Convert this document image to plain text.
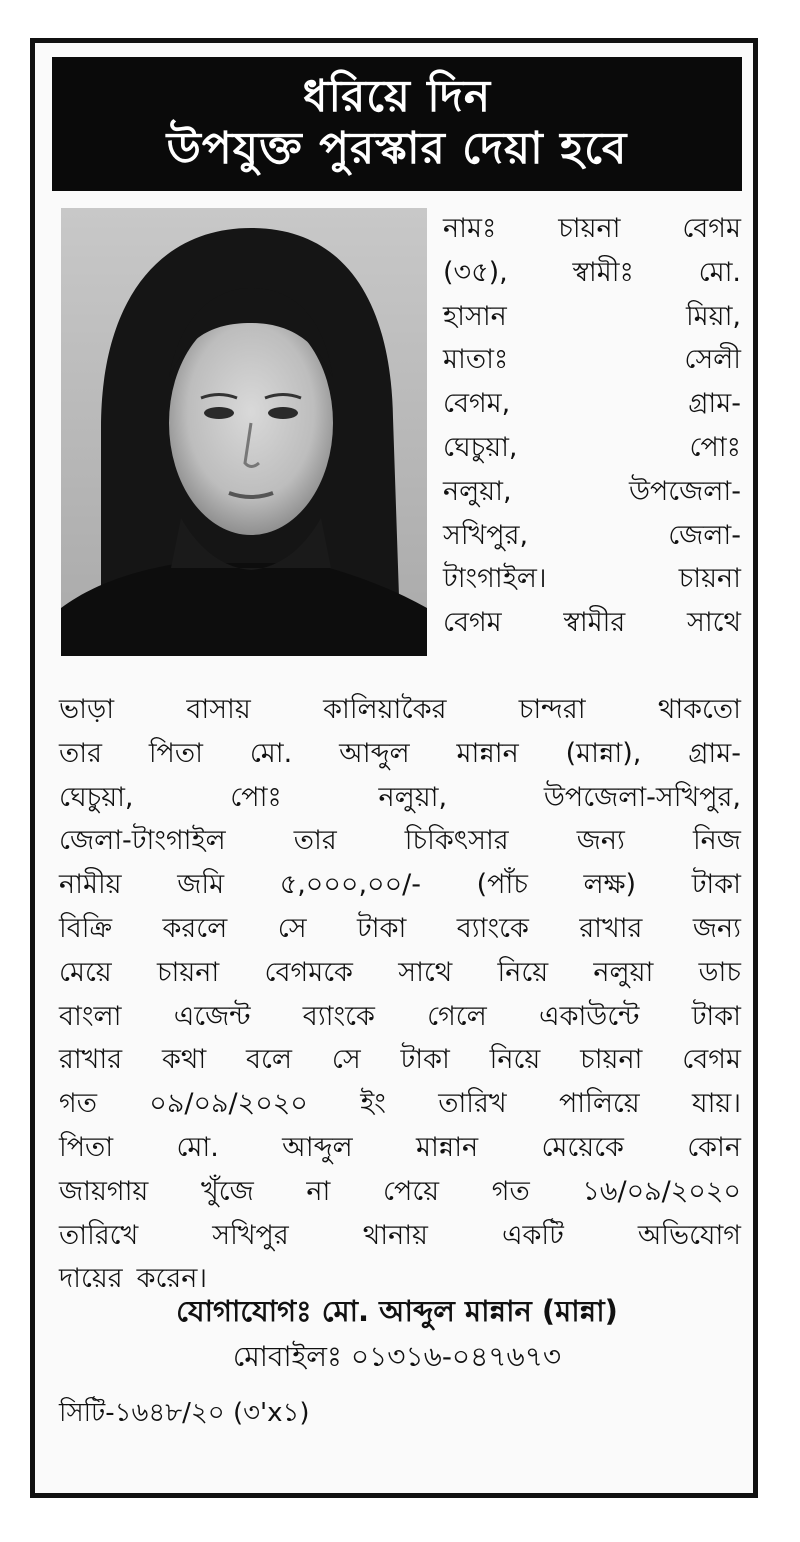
ধরিয়ে দিন
উপযুক্ত পুরস্কার দেয়া হবে
নামঃ চায়না বেগম
(৩৫), স্বামীঃ মো.
হাসান	মিয়া,
মাতাঃ	সেলী
বেগম,	গ্রাম-
ঘেচুয়া,	পোঃ
নলুয়া,	উপজেলা-
সখিপুর,	জেলা-
টাংগাইল।	চায়না
বেগম স্বামীর সাথে
ভাড়া	বাসায়	কালিয়াকৈর	চান্দরা	থাকতো
তার পিতা মো. আব্দুল মান্নান (মান্না), গ্রাম-
ঘেচুয়া,	পোঃ	নলুয়া,	উপজেলা-সখিপুর,
জেলা-টাংগাইল	তার	চিকিৎসার	জন্য	নিজ
নামীয় জমি ৫,০০০,০০/- (পাঁচ লক্ষ) টাকা
বিক্রি করলে সে টাকা ব্যাংকে রাখার জন্য
মেয়ে চায়না বেগমকে সাথে নিয়ে নলুয়া ডাচ
বাংলা এজেন্ট ব্যাংকে গেলে একাউন্টে টাকা
রাখার কথা বলে সে টাকা নিয়ে চায়না বেগম
গত ০৯/০৯/২০২০ ইং তারিখ পালিয়ে যায়।
পিতা মো. আব্দুল মান্নান মেয়েকে কোন
জায়গায় খুঁজে না পেয়ে গত ১৬/০৯/২০২০
তারিখে	সখিপুর	থানায়	একটি	অভিযোগ
দায়ের করেন।
যোগাযোগঃ মো. আব্দুল মান্নান (মান্না)
মোবাইলঃ ০১৩১৬-০৪৭৬৭৩
সিটি-১৬৪৮/২০ (৩'x১)
